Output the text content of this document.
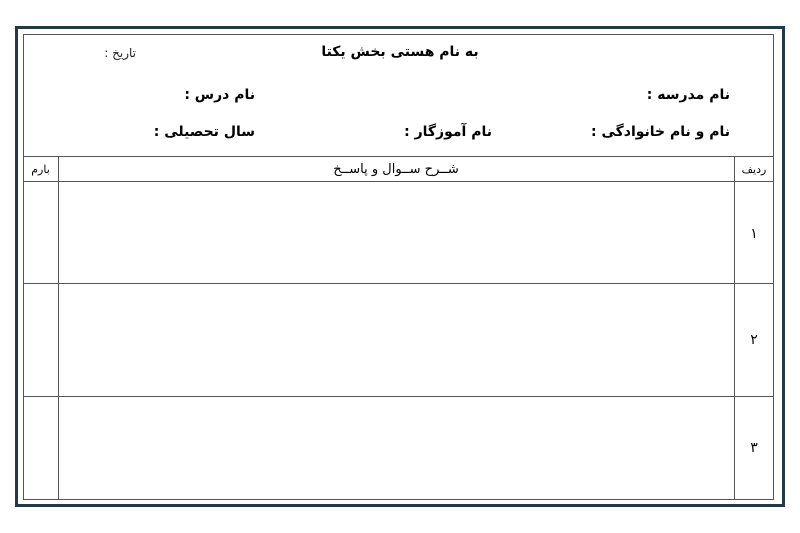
به نام هستی بخش یکتا
تاریخ :
نام مدرسه :
نام درس :
نام و نام خانوادگی :
نام آموزگار :
سال تحصیلی :
بارم	شــرح ســوال و پاســخ	ردیف
۱
۲
۳
